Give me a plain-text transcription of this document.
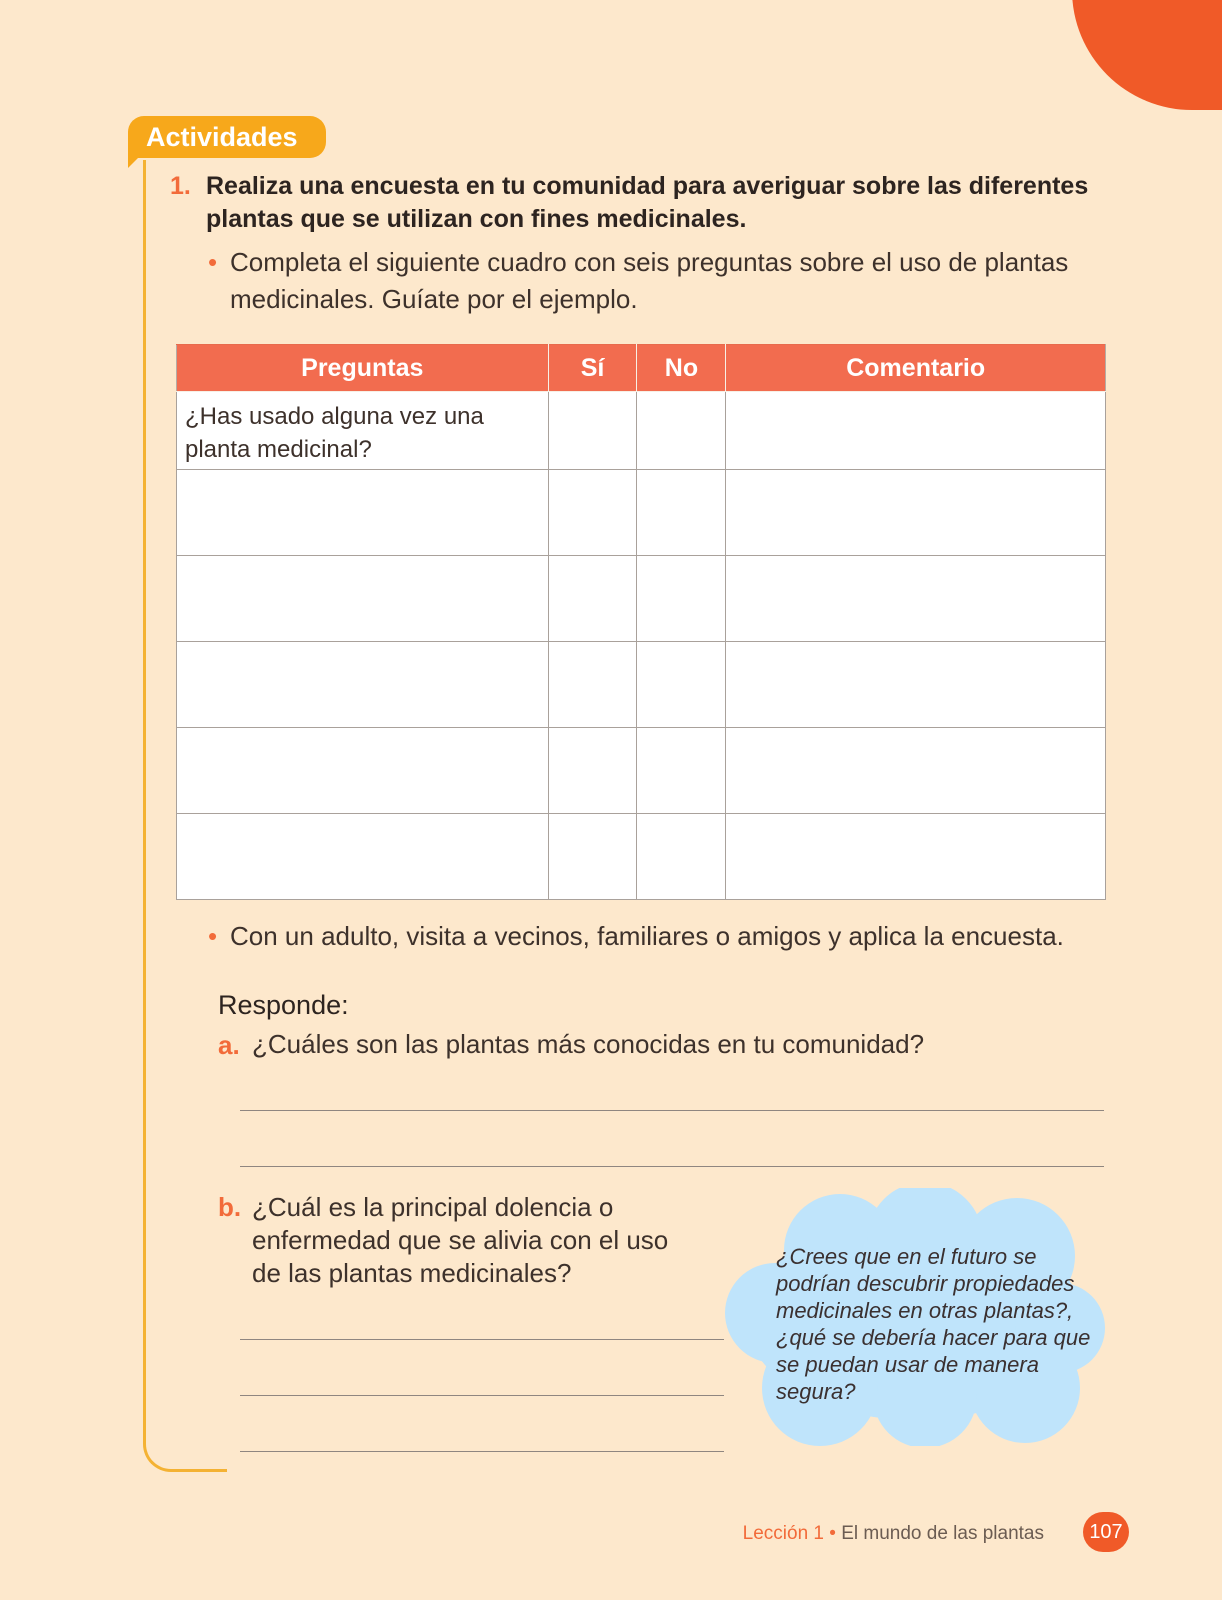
Actividades
1. Realiza una encuesta en tu comunidad para averiguar sobre las diferentes plantas que se utilizan con fines medicinales.
• Completa el siguiente cuadro con seis preguntas sobre el uso de plantas medicinales. Guíate por el ejemplo.
Preguntas	Sí	No	Comentario
¿Has usado alguna vez una planta medicinal?			

• Con un adulto, visita a vecinos, familiares o amigos y aplica la encuesta.
Responde:
a. ¿Cuáles son las plantas más conocidas en tu comunidad?
b. ¿Cuál es la principal dolencia o enfermedad que se alivia con el uso de las plantas medicinales?
¿Crees que en el futuro se podrían descubrir propiedades medicinales en otras plantas?, ¿qué se debería hacer para que se puedan usar de manera segura?
Lección 1 • El mundo de las plantas	107
